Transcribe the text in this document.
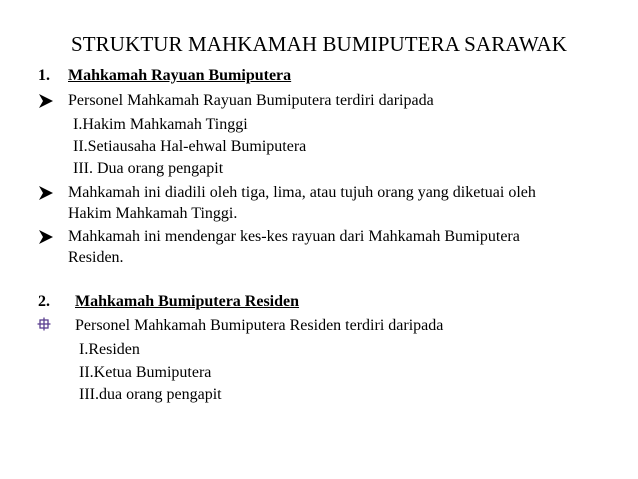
STRUKTUR MAHKAMAH BUMIPUTERA SARAWAK
1. Mahkamah Rayuan Bumiputera
Personel Mahkamah Rayuan Bumiputera terdiri daripada
I.Hakim Mahkamah Tinggi
II.Setiausaha Hal-ehwal Bumiputera
III. Dua orang pengapit
Mahkamah ini diadili oleh tiga, lima, atau tujuh orang yang diketuai oleh
Hakim Mahkamah Tinggi.
Mahkamah ini mendengar kes-kes rayuan dari Mahkamah Bumiputera
Residen.
2. Mahkamah Bumiputera Residen
Personel Mahkamah Bumiputera Residen terdiri daripada
I.Residen
II.Ketua Bumiputera
III.dua orang pengapit
